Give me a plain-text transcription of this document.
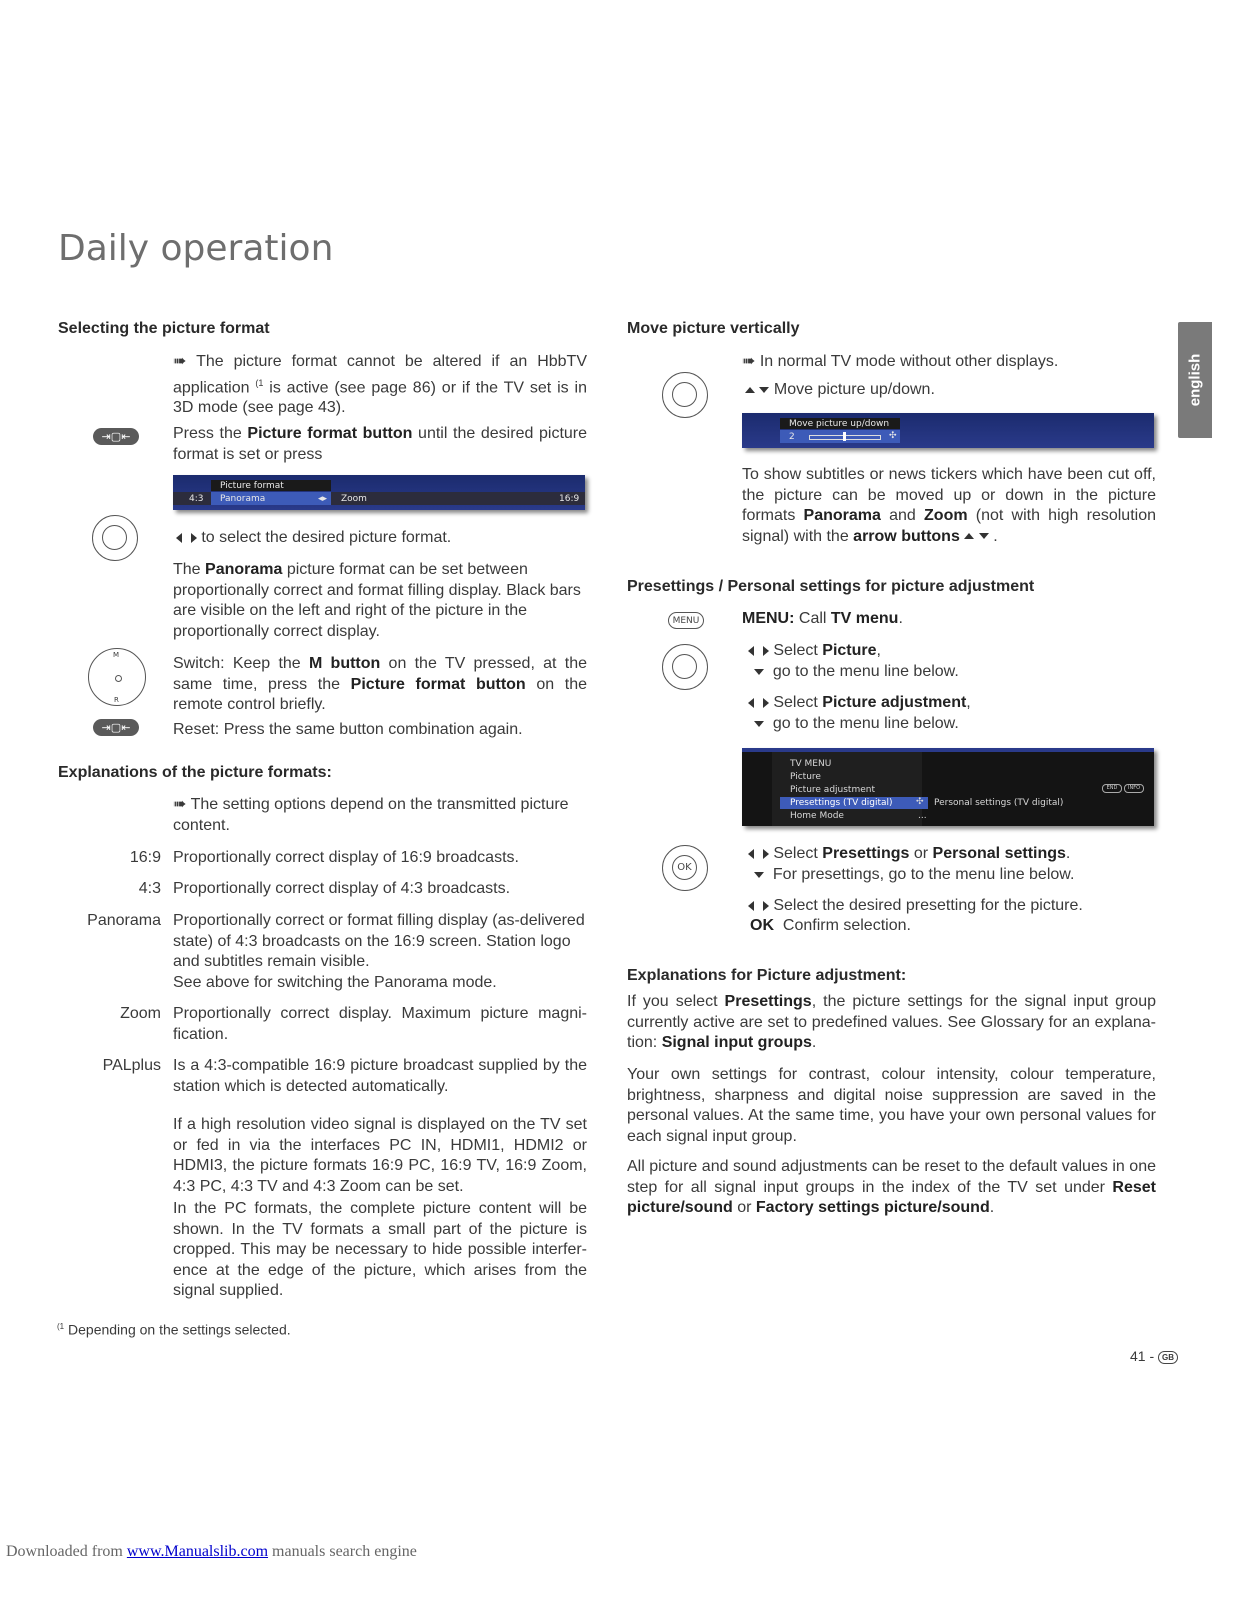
Daily operation
english
Selecting the picture format
➠ The picture format cannot be altered if an HbbTV application $^{(1}$ is active (see page 86) or if the TV set is in 3D mode (see page 43).
⇥▢⇤	Press the Picture format button until the desired picture format is set or press
Picture format
4:3 Panorama	◂▸ Zoom	16:9
to select the desired picture format.
The Panorama picture format can be set between proportionally correct and format filling display. Black bars are visible on the left and right of the picture in the proportionally correct display.
M
R
Switch: Keep the M button on the TV pressed, at the same time, press the Picture format button on the remote control briefly.
⇥▢⇤	Reset: Press the same button combination again.
Explanations of the picture formats:
➠ The setting options depend on the transmitted picture content.
16:9 Proportionally correct display of 16:9 broadcasts.
4:3 Proportionally correct display of 4:3 broadcasts.
Panorama Proportionally correct or format filling display (as-delivered state) of 4:3 broadcasts on the 16:9 screen. Station logo and subtitles remain visible.
See above for switching the Panorama mode.
Zoom Proportionally correct display. Maximum picture magni-fication.
PALplus Is a 4:3-compatible 16:9 picture broadcast supplied by the station which is detected automatically.
If a high resolution video signal is displayed on the TV set or fed in via the interfaces PC IN, HDMI1, HDMI2 or HDMI3, the picture formats 16:9 PC, 16:9 TV, 16:9 Zoom, 4:3 PC, 4:3 TV and 4:3 Zoom can be set.
In the PC formats, the complete picture content will be shown. In the TV formats a small part of the picture is cropped. This may be necessary to hide possible interfer-ence at the edge of the picture, which arises from the signal supplied.
$^{(1}$ Depending on the settings selected.
Move picture vertically
➠ In normal TV mode without other displays.
Move picture up/down.
Move picture up/down
2	✣
To show subtitles or news tickers which have been cut off, the picture can be moved up or down in the picture formats Panorama and Zoom (not with high resolution signal) with the arrow buttons   .
Presettings / Personal settings for picture adjustment
MENU	MENU: Call TV menu.
Select Picture,
go to the menu line below.
Select Picture adjustment,
go to the menu line below.
TV MENU
Picture
Picture adjustment
Presettings (TV digital)	✣ Personal settings (TV digital)
Home Mode	...
END	INFO
OK
Select Presettings or Personal settings.
For presettings, go to the menu line below.
Select the desired presetting for the picture.
OK Confirm selection.
Explanations for Picture adjustment:
If you select Presettings, the picture settings for the signal input group currently active are set to predefined values. See Glossary for an explana-tion: Signal input groups.
Your own settings for contrast, colour intensity, colour temperature, brightness, sharpness and digital noise suppression are saved in the personal values. At the same time, you have your own personal values for each signal input group.
All picture and sound adjustments can be reset to the default values in one step for all signal input groups in the index of the TV set under Reset picture/sound or Factory settings picture/sound.
41 - GB
Downloaded from www.Manualslib.com manuals search engine
